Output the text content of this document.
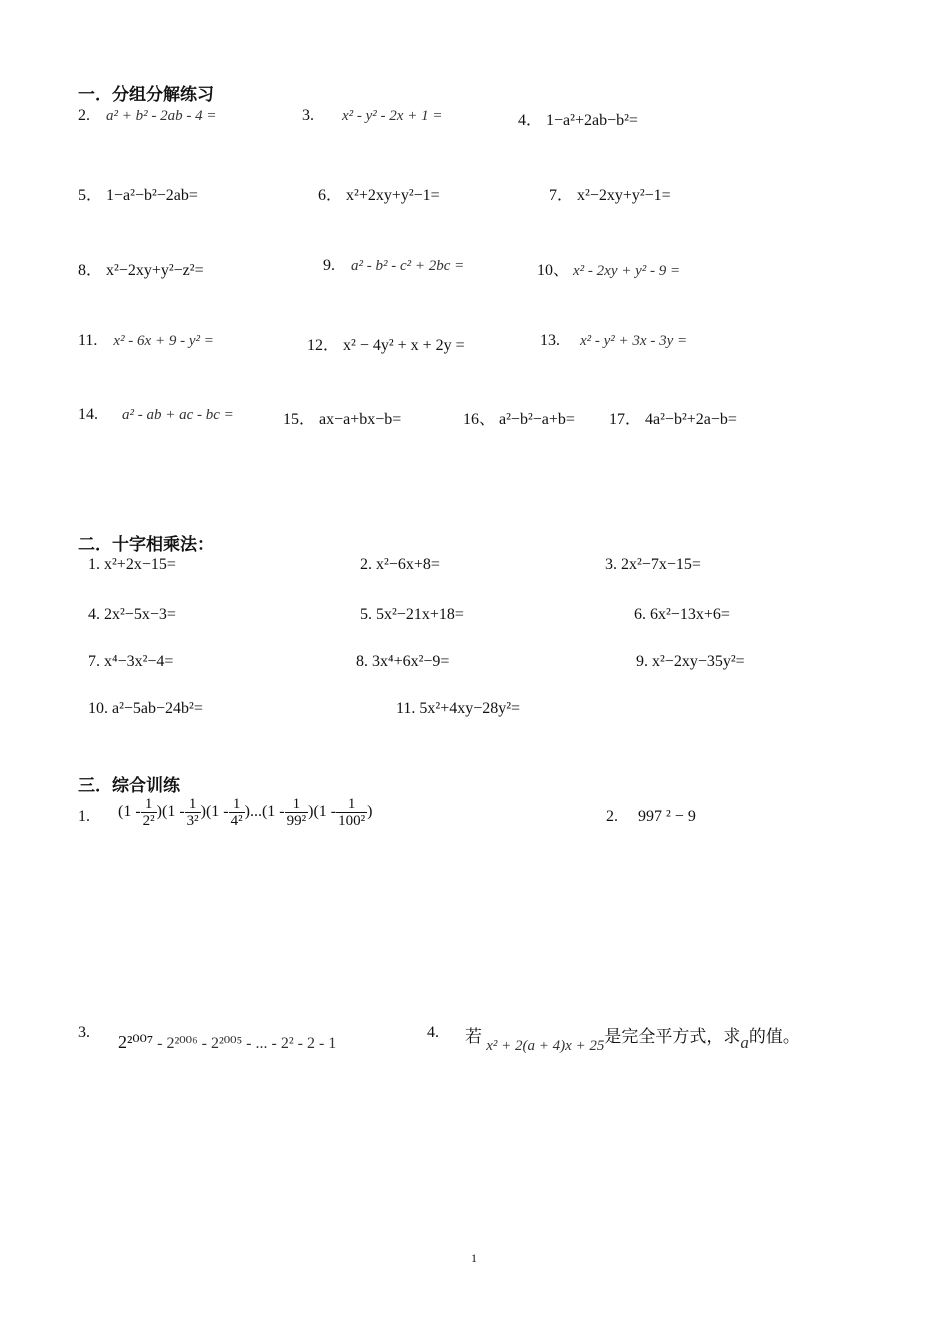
一．分组分解练习
2. a² + b² - 2ab - 4 =	3. x² - y² - 2x + 1 =	4． 1−a²+2ab−b²=
5． 1−a²−b²−2ab=	6． x²+2xy+y²−1=	7． x²−2xy+y²−1=
8． x²−2xy+y²−z²=	9. a² - b² - c² + 2bc =	10、 x² - 2xy + y² - 9 =
11. x² - 6x + 9 - y² =	12． x² − 4y² + x + 2y =	13. x² - y² + 3x - 3y =
14. a² - ab + ac - bc =	15． ax−a+bx−b=	16、 a²−b²−a+b= 17． 4a²−b²+2a−b=
二．十字相乘法：
1. x²+2x−15=	2. x²−6x+8=	3. 2x²−7x−15=
4. 2x²−5x−3=	5. 5x²−21x+18=	6. 6x²−13x+6=
7. x⁴−3x²−4=	8. 3x⁴+6x²−9=	9. x²−2xy−35y²=
10. a²−5ab−24b²=	11. 5x²+4xy−28y²=
三．综合训练
1. $(1 - \frac{1}{\text{2²}} )(1 - \frac{1}{\text{3²}} )(1 - \frac{1}{\text{4²}} )...(1 - \frac{1}{\text{99²}} )(1 - \frac{1}{\text{100²}}$ )	2. 997 ² − 9
3. 2²⁰⁰⁷ - 2²⁰⁰⁶ - 2²⁰⁰⁵ - ... - 2² - 2 - 1
4. 若 x² + 2(a + 4)x + 25是完全平方式，求a的值。
1
